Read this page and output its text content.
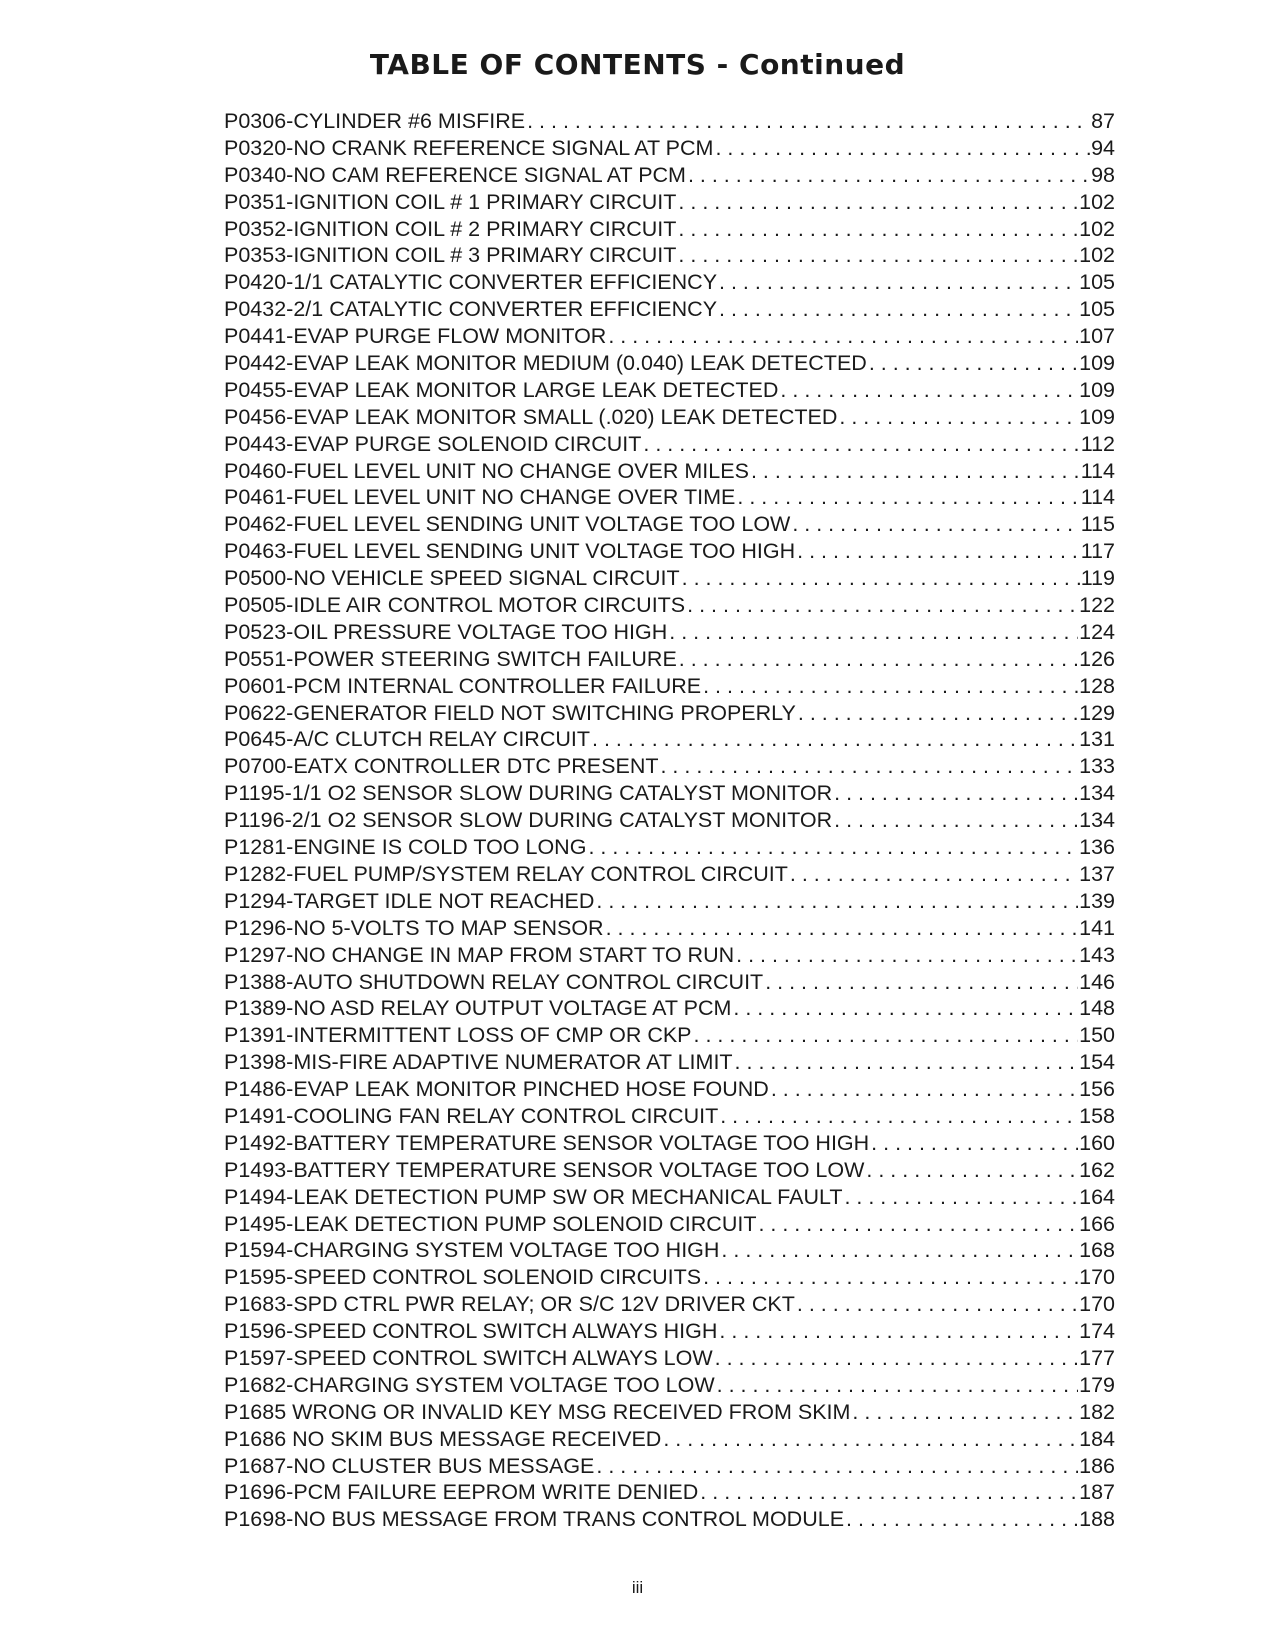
TABLE OF CONTENTS - Continued
P0306-CYLINDER #6 MISFIRE . . .	87
P0320-NO CRANK REFERENCE SIGNAL AT PCM . . .	94
P0340-NO CAM REFERENCE SIGNAL AT PCM . . .	98
P0351-IGNITION COIL # 1 PRIMARY CIRCUIT . . .	102
P0352-IGNITION COIL # 2 PRIMARY CIRCUIT . . .	102
P0353-IGNITION COIL # 3 PRIMARY CIRCUIT . . .	102
P0420-1/1 CATALYTIC CONVERTER EFFICIENCY . . .	105
P0432-2/1 CATALYTIC CONVERTER EFFICIENCY . . .	105
P0441-EVAP PURGE FLOW MONITOR . . .	107
P0442-EVAP LEAK MONITOR MEDIUM (0.040) LEAK DETECTED . . .	109
P0455-EVAP LEAK MONITOR LARGE LEAK DETECTED . . .	109
P0456-EVAP LEAK MONITOR SMALL (.020) LEAK DETECTED . . .	109
P0443-EVAP PURGE SOLENOID CIRCUIT . . .	112
P0460-FUEL LEVEL UNIT NO CHANGE OVER MILES . . .	114
P0461-FUEL LEVEL UNIT NO CHANGE OVER TIME . . .	114
P0462-FUEL LEVEL SENDING UNIT VOLTAGE TOO LOW . . .	115
P0463-FUEL LEVEL SENDING UNIT VOLTAGE TOO HIGH . . .	117
P0500-NO VEHICLE SPEED SIGNAL CIRCUIT . . .	119
P0505-IDLE AIR CONTROL MOTOR CIRCUITS . . .	122
P0523-OIL PRESSURE VOLTAGE TOO HIGH . . .	124
P0551-POWER STEERING SWITCH FAILURE . . .	126
P0601-PCM INTERNAL CONTROLLER FAILURE . . .	128
P0622-GENERATOR FIELD NOT SWITCHING PROPERLY . . .	129
P0645-A/C CLUTCH RELAY CIRCUIT . . .	131
P0700-EATX CONTROLLER DTC PRESENT . . .	133
P1195-1/1 O2 SENSOR SLOW DURING CATALYST MONITOR . . .	134
P1196-2/1 O2 SENSOR SLOW DURING CATALYST MONITOR . . .	134
P1281-ENGINE IS COLD TOO LONG . . .	136
P1282-FUEL PUMP/SYSTEM RELAY CONTROL CIRCUIT . . .	137
P1294-TARGET IDLE NOT REACHED . . .	139
P1296-NO 5-VOLTS TO MAP SENSOR . . .	141
P1297-NO CHANGE IN MAP FROM START TO RUN . . .	143
P1388-AUTO SHUTDOWN RELAY CONTROL CIRCUIT . . .	146
P1389-NO ASD RELAY OUTPUT VOLTAGE AT PCM . . .	148
P1391-INTERMITTENT LOSS OF CMP OR CKP . . .	150
P1398-MIS-FIRE ADAPTIVE NUMERATOR AT LIMIT . . .	154
P1486-EVAP LEAK MONITOR PINCHED HOSE FOUND . . .	156
P1491-COOLING FAN RELAY CONTROL CIRCUIT . . .	158
P1492-BATTERY TEMPERATURE SENSOR VOLTAGE TOO HIGH . . .	160
P1493-BATTERY TEMPERATURE SENSOR VOLTAGE TOO LOW . . .	162
P1494-LEAK DETECTION PUMP SW OR MECHANICAL FAULT . . .	164
P1495-LEAK DETECTION PUMP SOLENOID CIRCUIT . . .	166
P1594-CHARGING SYSTEM VOLTAGE TOO HIGH . . .	168
P1595-SPEED CONTROL SOLENOID CIRCUITS . . .	170
P1683-SPD CTRL PWR RELAY; OR S/C 12V DRIVER CKT . . .	170
P1596-SPEED CONTROL SWITCH ALWAYS HIGH . . .	174
P1597-SPEED CONTROL SWITCH ALWAYS LOW . . .	177
P1682-CHARGING SYSTEM VOLTAGE TOO LOW . . .	179
P1685 WRONG OR INVALID KEY MSG RECEIVED FROM SKIM . . .	182
P1686 NO SKIM BUS MESSAGE RECEIVED . . .	184
P1687-NO CLUSTER BUS MESSAGE . . .	186
P1696-PCM FAILURE EEPROM WRITE DENIED . . .	187
P1698-NO BUS MESSAGE FROM TRANS CONTROL MODULE . . .	188
iii
